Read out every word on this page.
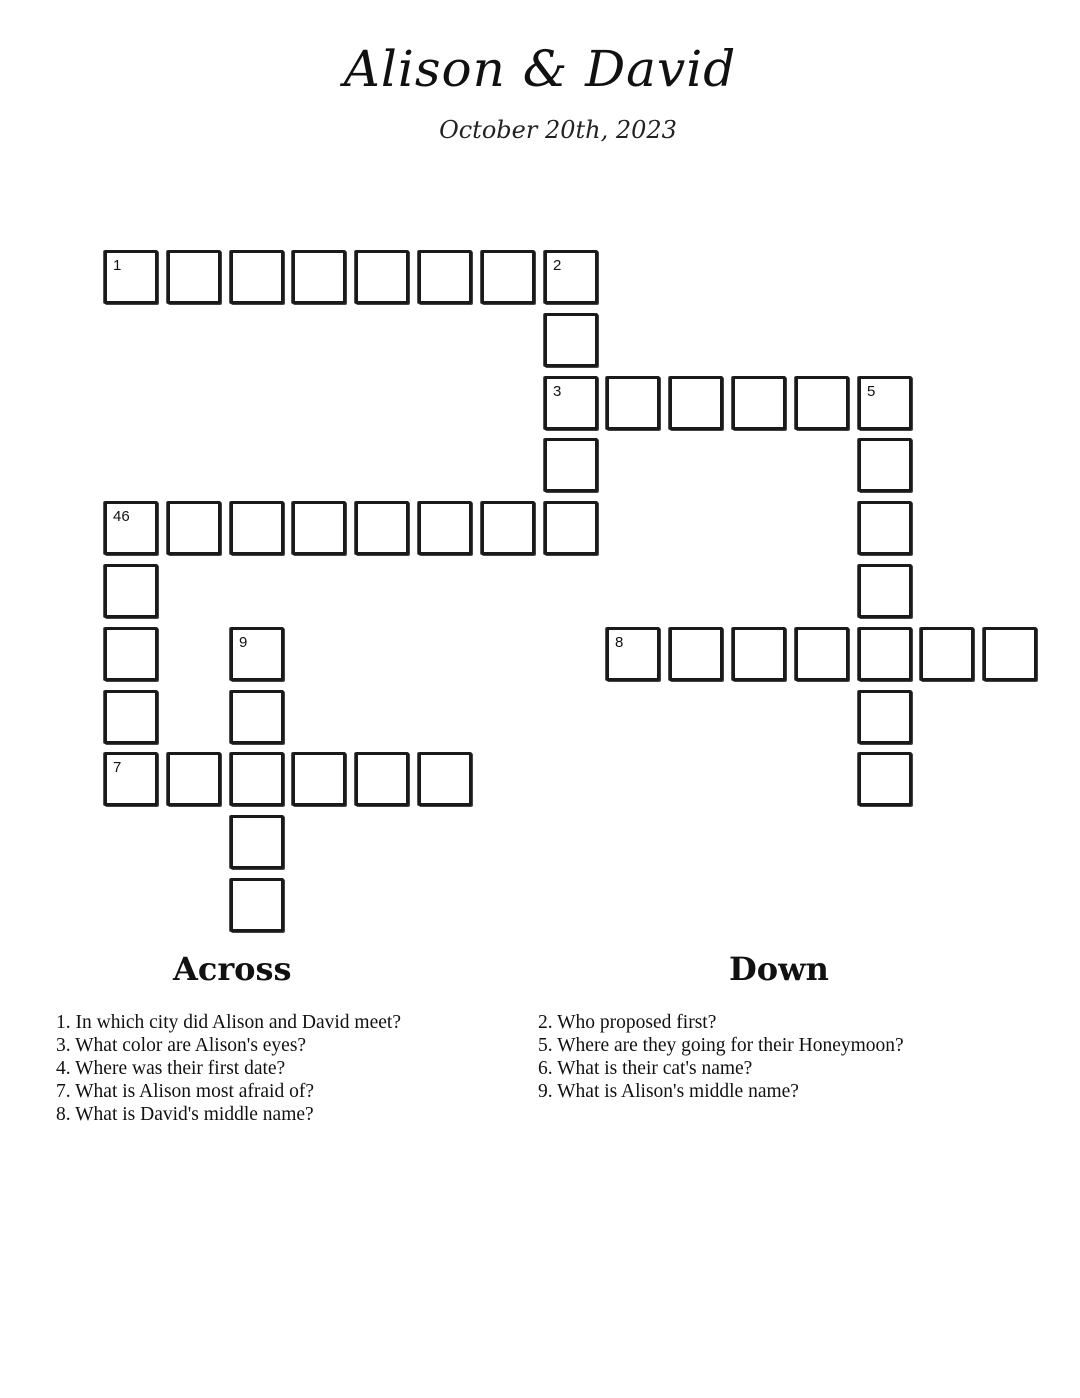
Alison & David
October 20th, 2023
1	2
3	5
46
7
9	8
Across	Down
1. In which city did Alison and David meet?
3. What color are Alison's eyes?
4. Where was their first date?
7. What is Alison most afraid of?
8. What is David's middle name?
2. Who proposed first?
5. Where are they going for their Honeymoon?
6. What is their cat's name?
9. What is Alison's middle name?
